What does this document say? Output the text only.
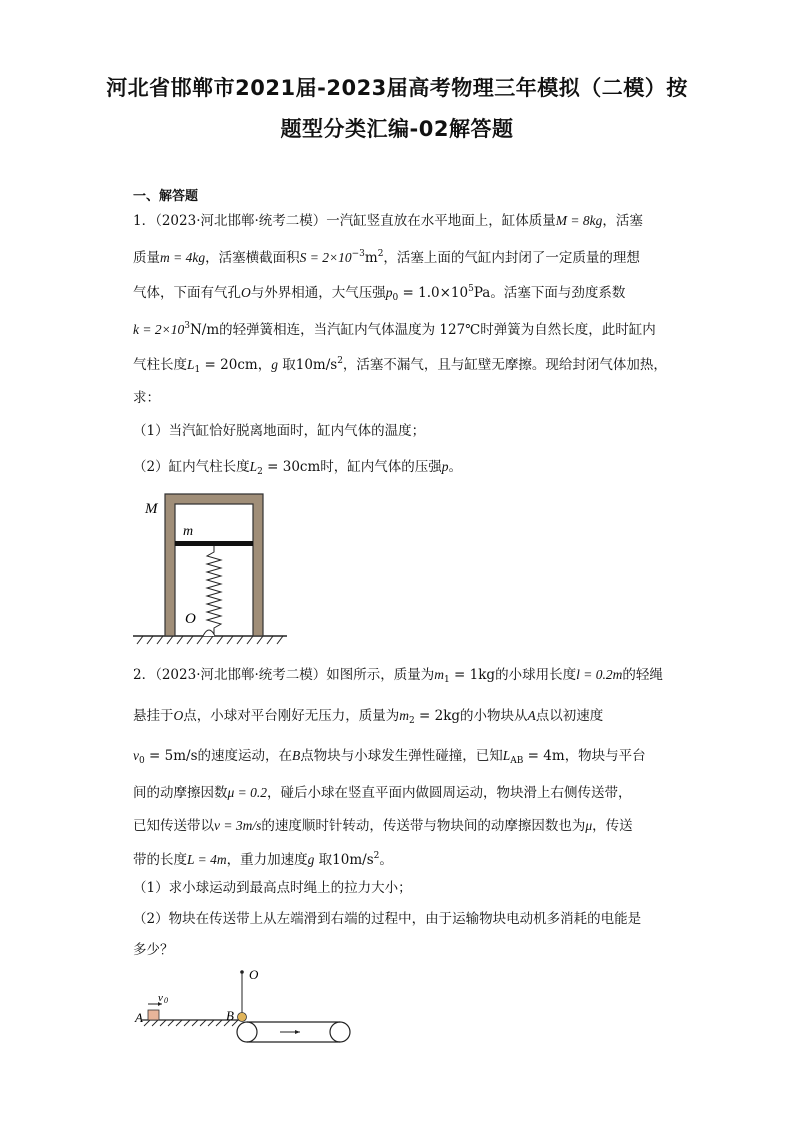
河北省邯郸市2021届-2023届高考物理三年模拟（二模）按
题型分类汇编-02解答题
一、解答题
1．（2023·河北邯郸·统考二模）一汽缸竖直放在水平地面上，缸体质量M = 8kg，活塞
质量m = 4kg，活塞横截面积$S = 2\times 10^{-3}m^2$，活塞上面的气缸内封闭了一定质量的理想
气体，下面有气孔O与外界相通，大气压强$p_0 = 1.0\times 10^5Pa$。活塞下面与劲度系数
$k = 2\times 10^3N/m$的轻弹簧相连，当汽缸内气体温度为 127℃时弹簧为自然长度，此时缸内
气柱长度$L_1 = 20cm$，g 取$10m/s^2$，活塞不漏气，且与缸壁无摩擦。现给封闭气体加热，
求：
（1）当汽缸恰好脱离地面时，缸内气体的温度；
（2）缸内气柱长度$L_2 = 30cm$时，缸内气体的压强p。
M
m
O
2．（2023·河北邯郸·统考二模）如图所示，质量为$m_1 = 1kg$的小球用长度l = 0.2m的轻绳
悬挂于O点，小球对平台刚好无压力，质量为$m_2 = 2kg$的小物块从A点以初速度
$v_0 = 5m/s$的速度运动，在B点物块与小球发生弹性碰撞，已知$L_{AB} = 4m$，物块与平台
间的动摩擦因数μ = 0.2，碰后小球在竖直平面内做圆周运动，物块滑上右侧传送带，
已知传送带以v = 3m/s的速度顺时针转动，传送带与物块间的动摩擦因数也为μ，传送
带的长度L = 4m，重力加速度g 取$10m/s^2$。
（1）求小球运动到最高点时绳上的拉力大小；
（2）物块在传送带上从左端滑到右端的过程中，由于运输物块电动机多消耗的电能是
多少？
v 0
A
O
B
